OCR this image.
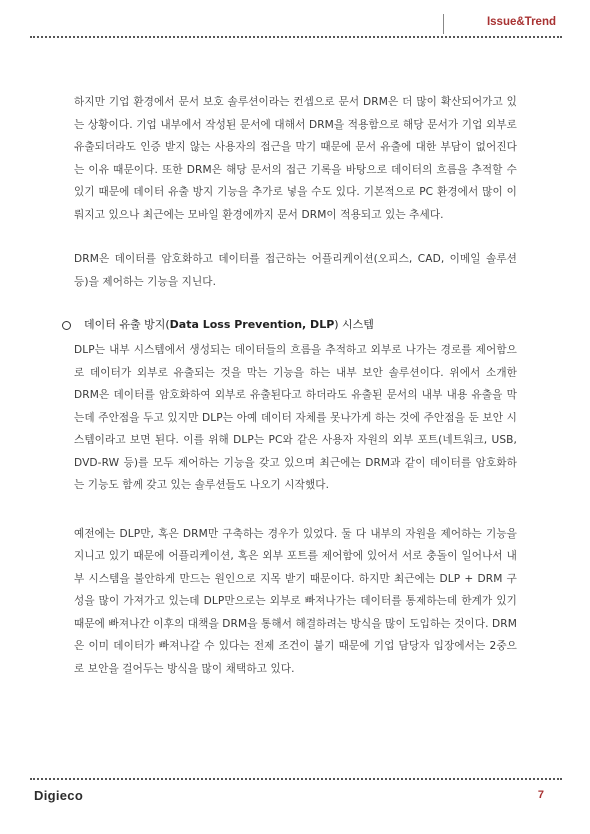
Issue&Trend

하지만 기업 환경에서 문서 보호 솔루션이라는 컨셉으로 문서 DRM은 더 많이 확산되어가고 있는 상황이다. 기업 내부에서 작성된 문서에 대해서 DRM을 적용함으로 해당 문서가 기업 외부로 유출되더라도 인증 받지 않는 사용자의 접근을 막기 때문에 문서 유출에 대한 부담이 없어진다는 이유 때문이다. 또한 DRM은 해당 문서의 접근 기록을 바탕으로 데이터의 흐름을 추적할 수 있기 때문에 데이터 유출 방지 기능을 추가로 넣을 수도 있다. 기본적으로 PC 환경에서 많이 이뤄지고 있으나 최근에는 모바일 환경에까지 문서 DRM이 적용되고 있는 추세다.

DRM은 데이터를 암호화하고 데이터를 접근하는 어플리케이션(오피스, CAD, 이메일 솔루션 등)을 제어하는 기능을 지닌다.

데이터 유출 방지( Data Loss Prevention, DLP ) 시스템

DLP는 내부 시스템에서 생성되는 데이터들의 흐름을 추적하고 외부로 나가는 경로를 제어함으로 데이터가 외부로 유출되는 것을 막는 기능을 하는 내부 보안 솔루션이다. 위에서 소개한 DRM은 데이터를 암호화하여 외부로 유출된다고 하더라도 유출된 문서의 내부 내용 유출을 막는데 주안점을 두고 있지만 DLP는 아예 데이터 자체를 못나가게 하는 것에 주안점을 둔 보안 시스템이라고 보면 된다. 이를 위해 DLP는 PC와 같은 사용자 자원의 외부 포트(네트워크, USB, DVD-RW 등)를 모두 제어하는 기능을 갖고 있으며 최근에는 DRM과 같이 데이터를 암호화하는 기능도 함께 갖고 있는 솔루션들도 나오기 시작했다.

예전에는 DLP만, 혹은 DRM만 구축하는 경우가 있었다. 둘 다 내부의 자원을 제어하는 기능을 지니고 있기 때문에 어플리케이션, 혹은 외부 포트를 제어함에 있어서 서로 충돌이 일어나서 내부 시스템을 불안하게 만드는 원인으로 지목 받기 때문이다. 하지만 최근에는 DLP + DRM 구성을 많이 가져가고 있는데 DLP만으로는 외부로 빠져나가는 데이터를 통제하는데 한계가 있기 때문에 빠져나간 이후의 대책을 DRM을 통해서 해결하려는 방식을 많이 도입하는 것이다. DRM은 이미 데이터가 빠져나갈 수 있다는 전제 조건이 붙기 때문에 기업 담당자 입장에서는 2중으로 보안을 걸어두는 방식을 많이 채택하고 있다.

Digieco	7
